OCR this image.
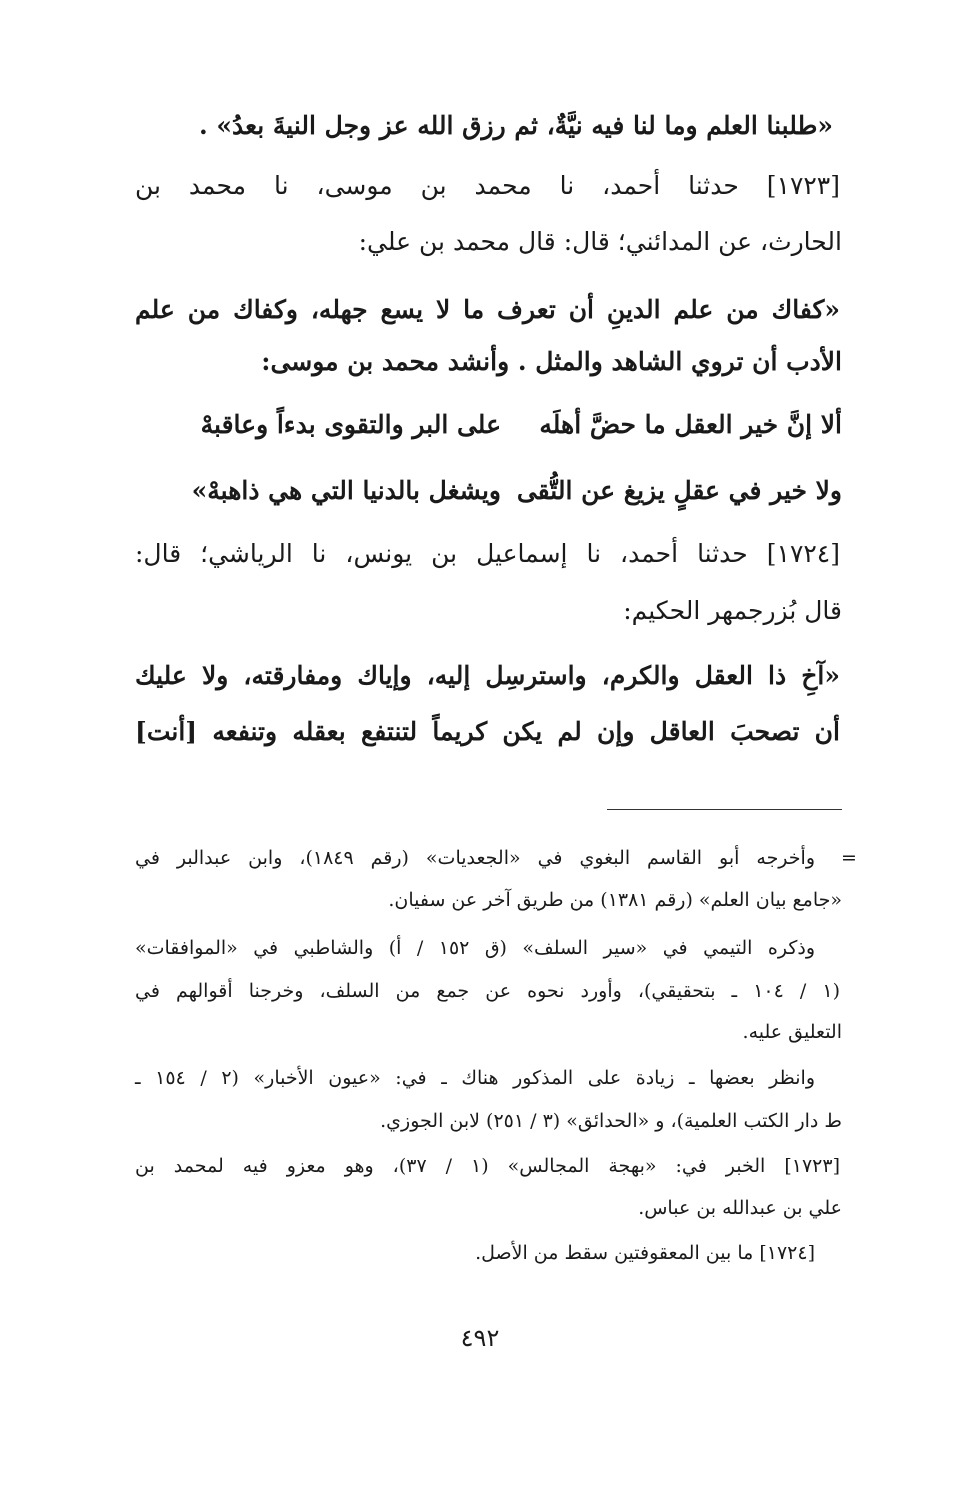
«طلبنا العلم وما لنا فيه نيَّةٌ، ثم رزق الله عز وجل النيةَ بعدُ» .

[١٧٢٣] حدثنا أحمد، نا محمد بن موسى، نا محمد بن

الحارث، عن المدائني؛ قال: قال محمد بن علي:

«كفاك من علم الدينِ أن تعرف ما لا يسع جهله، وكفاك من علم

الأدب أن تروي الشاهد والمثل . وأنشد محمد بن موسى:

ألا إنَّ خير العقل ما حضَّ أهلَه
على البر والتقوى بدءاً وعاقبهْ
ولا خير في عقلٍ يزيغ عن التُّقى
ويشغل بالدنيا التي هي ذاهبهْ»

[١٧٢٤] حدثنا أحمد، نا إسماعيل بن يونس، نا الرياشي؛ قال:

قال بُزرجمهر الحكيم:

«آخِ ذا العقل والكرم، واسترسِل إليه، وإياك ومفارقته، ولا عليك

أن تصحبَ العاقل وإن لم يكن كريماً لتنتفع بعقله وتنفعه [أنت]

=

وأخرجه أبو القاسم البغوي في «الجعديات» (رقم ١٨٤٩)، وابن عبدالبر في

«جامع بيان العلم» (رقم ١٣٨١) من طريق آخر عن سفيان.

وذكره التيمي في «سير السلف» (ق ١٥٢ / أ) والشاطبي في «الموافقات»

(١ / ١٠٤ ـ بتحقيقي)، وأورد نحوه عن جمع من السلف، وخرجنا أقوالهم في

التعليق عليه.

وانظر بعضها ـ زيادة على المذكور هناك ـ في: «عيون الأخبار» (٢ / ١٥٤ ـ

ط دار الكتب العلمية)، و «الحدائق» (٣ / ٢٥١) لابن الجوزي.

[١٧٢٣] الخبر في: «بهجة المجالس» (١ / ٣٧)، وهو معزو فيه لمحمد بن

علي بن عبدالله بن عباس.

[١٧٢٤] ما بين المعقوفتين سقط من الأصل.

٤٩٢
